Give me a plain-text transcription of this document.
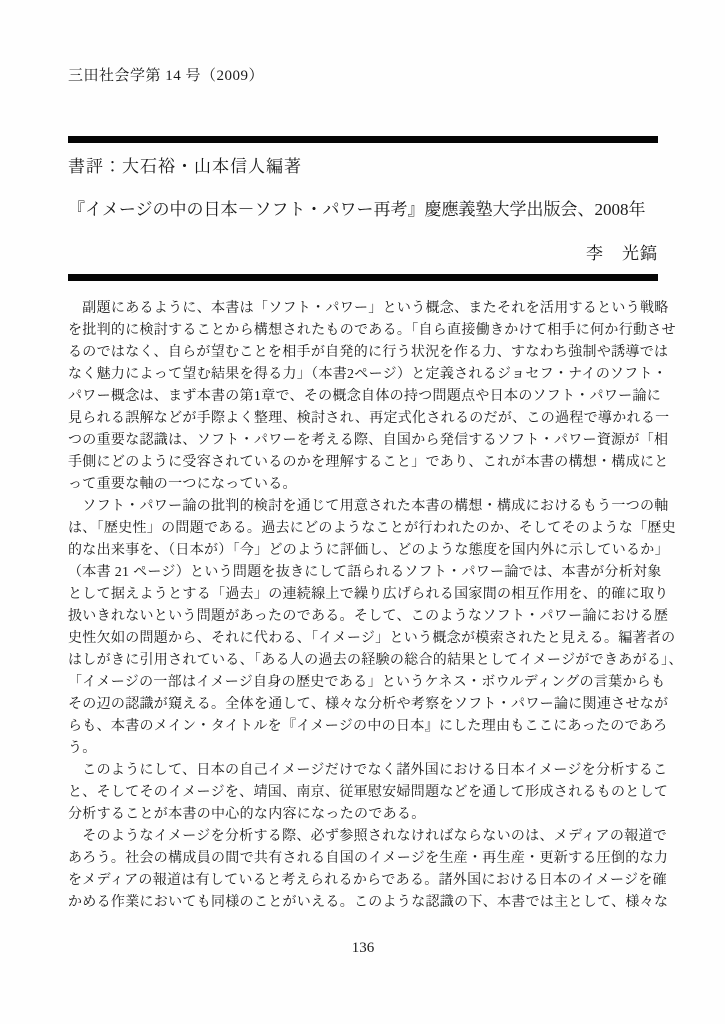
三田社会学第 14 号（2009）
書評：大石裕・山本信人編著
『イメージの中の日本－ソフト・パワー再考』慶應義塾大学出版会、2008年
李　光鎬
　副題にあるように、本書は「ソフト・パワー」という概念、またそれを活用するという戦略
を批判的に検討することから構想されたものである。「自ら直接働きかけて相手に何か行動させ
るのではなく、自らが望むことを相手が自発的に行う状況を作る力、すなわち強制や誘導では
なく魅力によって望む結果を得る力」（本書2ページ）と定義されるジョセフ・ナイのソフト・
パワー概念は、まず本書の第1章で、その概念自体の持つ問題点や日本のソフト・パワー論に
見られる誤解などが手際よく整理、検討され、再定式化されるのだが、この過程で導かれる一
つの重要な認識は、ソフト・パワーを考える際、自国から発信するソフト・パワー資源が「相
手側にどのように受容されているのかを理解すること」であり、これが本書の構想・構成にと
って重要な軸の一つになっている。
　ソフト・パワー論の批判的検討を通じて用意された本書の構想・構成におけるもう一つの軸
は、「歴史性」の問題である。過去にどのようなことが行われたのか、そしてそのような「歴史
的な出来事を、（日本が）「今」どのように評価し、どのような態度を国内外に示しているか」
（本書 21 ページ）という問題を抜きにして語られるソフト・パワー論では、本書が分析対象
として据えようとする「過去」の連続線上で繰り広げられる国家間の相互作用を、的確に取り
扱いきれないという問題があったのである。そして、このようなソフト・パワー論における歴
史性欠如の問題から、それに代わる、「イメージ」という概念が模索されたと見える。編著者の
はしがきに引用されている、「ある人の過去の経験の総合的結果としてイメージができあがる」、
「イメージの一部はイメージ自身の歴史である」というケネス・ボウルディングの言葉からも
その辺の認識が窺える。全体を通して、様々な分析や考察をソフト・パワー論に関連させなが
らも、本書のメイン・タイトルを『イメージの中の日本』にした理由もここにあったのであろ
う。
　このようにして、日本の自己イメージだけでなく諸外国における日本イメージを分析するこ
と、そしてそのイメージを、靖国、南京、従軍慰安婦問題などを通して形成されるものとして
分析することが本書の中心的な内容になったのである。
　そのようなイメージを分析する際、必ず参照されなければならないのは、メディアの報道で
あろう。社会の構成員の間で共有される自国のイメージを生産・再生産・更新する圧倒的な力
をメディアの報道は有していると考えられるからである。諸外国における日本のイメージを確
かめる作業においても同様のことがいえる。このような認識の下、本書では主として、様々な
136
